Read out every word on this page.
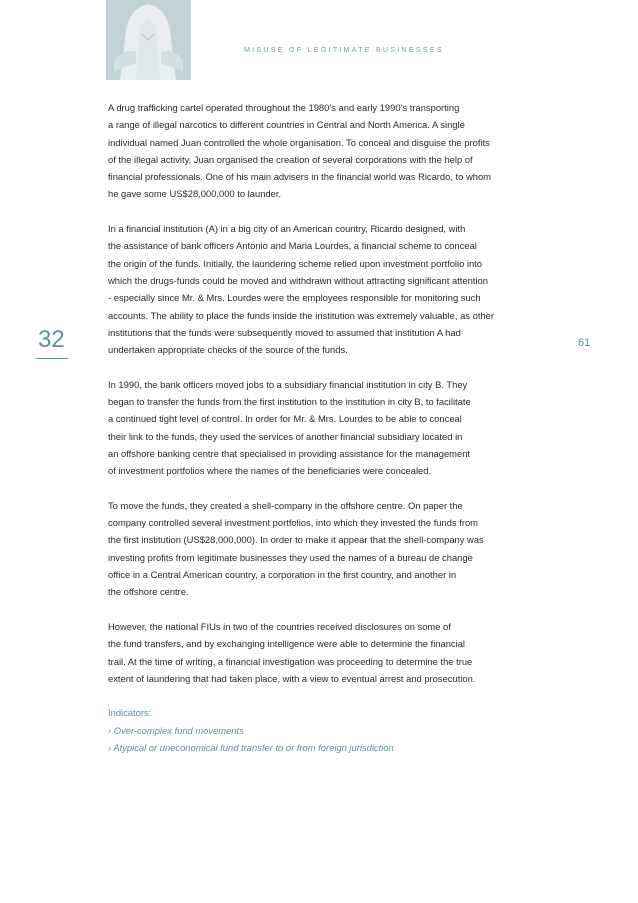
MISUSE OF LEGITIMATE BUSINESSES
32	61
A drug trafficking cartel operated throughout the 1980’s and early 1990’s transporting
a range of illegal narcotics to different countries in Central and North America. A single
individual named Juan controlled the whole organisation. To conceal and disguise the profits
of the illegal activity, Juan organised the creation of several corporations with the help of
financial professionals. One of his main advisers in the financial world was Ricardo, to whom
he gave some US$28,000,000 to launder.
In a financial institution (A) in a big city of an American country, Ricardo designed, with
the assistance of bank officers Antonio and Maria Lourdes, a financial scheme to conceal
the origin of the funds. Initially, the laundering scheme relied upon investment portfolio into
which the drugs-funds could be moved and withdrawn without attracting significant attention
- especially since Mr. & Mrs. Lourdes were the employees responsible for monitoring such
accounts. The ability to place the funds inside the institution was extremely valuable, as other
institutions that the funds were subsequently moved to assumed that institution A had
undertaken appropriate checks of the source of the funds.
In 1990, the bank officers moved jobs to a subsidiary financial institution in city B. They
began to transfer the funds from the first institution to the institution in city B, to facilitate
a continued tight level of control. In order for Mr. & Mrs. Lourdes to be able to conceal
their link to the funds, they used the services of another financial subsidiary located in
an offshore banking centre that specialised in providing assistance for the management
of investment portfolios where the names of the beneficiaries were concealed.
To move the funds, they created a shell-company in the offshore centre. On paper the
company controlled several investment portfolios, into which they invested the funds from
the first institution (US$28,000,000). In order to make it appear that the shell-company was
investing profits from legitimate businesses they used the names of a bureau de change
office in a Central American country, a corporation in the first country, and another in
the offshore centre.
However, the national FIUs in two of the countries received disclosures on some of
the fund transfers, and by exchanging intelligence were able to determine the financial
trail. At the time of writing, a financial investigation was proceeding to determine the true
extent of laundering that had taken place, with a view to eventual arrest and prosecution.
Indicators:
› Over-complex fund movements
› Atypical or uneconomical fund transfer to or from foreign jurisdiction
